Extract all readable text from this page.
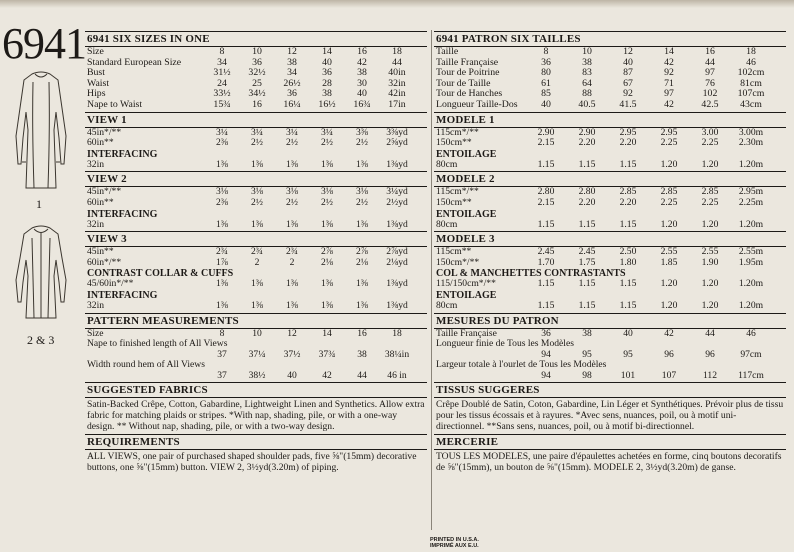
6941
1
2 & 3
6941 SIX SIZES IN ONE
Size	8	10	12	14	16	18
Standard European Size	34	36	38	40	42	44
Bust	31½	32½	34	36	38	40in
Waist	24	25	26½	28	30	32in
Hips	33½	34½	36	38	40	42in
Nape to Waist	15¾	16	16¼	16½	16¾	17in
VIEW 1
45in*/**	3¼	3¼	3¼	3¼	3⅜	3⅜yd
60in**	2⅜	2½	2½	2½	2½	2⅝yd
INTERFACING
32in	1⅜	1⅜	1⅜	1⅜	1⅜	1⅜yd
VIEW 2
45in*/**	3⅛	3⅛	3⅛	3⅛	3⅛	3¼yd
60in**	2⅜	2½	2½	2½	2½	2½yd
INTERFACING
32in	1⅜	1⅜	1⅜	1⅜	1⅜	1⅜yd
VIEW 3
45in**	2¾	2¾	2¾	2⅞	2⅞	2⅞yd
60in*/**	1⅞	2	2	2⅛	2⅛	2⅛yd
CONTRAST COLLAR & CUFFS
45/60in*/**	1⅜	1⅜	1⅜	1⅜	1⅜	1⅜yd
INTERFACING
32in	1⅜	1⅜	1⅜	1⅜	1⅜	1⅜yd
PATTERN MEASUREMENTS
Size	8	10	12	14	16	18
Nape to finished length of All Views
37	37¼	37½	37¾	38	38¼in
Width round hem of All Views
37	38½	40	42	44	46 in
SUGGESTED FABRICS
Satin-Backed Crêpe, Cotton, Gabardine, Lightweight Linen and Synthetics. Allow extra fabric for matching plaids or stripes. *With nap, shading, pile, or with a one-way design. ** Without nap, shading, pile, or with a two-way design.
REQUIREMENTS
ALL VIEWS, one pair of purchased shaped shoulder pads, five ⅝"(15mm) decorative buttons, one ⅝"(15mm) button. VIEW 2, 3½yd(3.20m) of piping.
6941 PATRON SIX TAILLES
Taille	8	10	12	14	16	18
Taille Française	36	38	40	42	44	46
Tour de Poitrine	80	83	87	92	97	102cm
Tour de Taille	61	64	67	71	76	81cm
Tour de Hanches	85	88	92	97	102	107cm
Longueur Taille-Dos	40	40.5	41.5	42	42.5	43cm
MODELE 1
115cm*/**	2.90	2.90	2.95	2.95	3.00	3.00m
150cm**	2.15	2.20	2.20	2.25	2.25	2.30m
ENTOILAGE
80cm	1.15	1.15	1.15	1.20	1.20	1.20m
MODELE 2
115cm*/**	2.80	2.80	2.85	2.85	2.85	2.95m
150cm**	2.15	2.20	2.20	2.25	2.25	2.25m
ENTOILAGE
80cm	1.15	1.15	1.15	1.20	1.20	1.20m
MODELE 3
115cm**	2.45	2.45	2.50	2.55	2.55	2.55m
150cm*/**	1.70	1.75	1.80	1.85	1.90	1.95m
COL & MANCHETTES CONTRASTANTS
115/150cm*/**	1.15	1.15	1.15	1.20	1.20	1.20m
ENTOILAGE
80cm	1.15	1.15	1.15	1.20	1.20	1.20m
MESURES DU PATRON
Taille Française	36	38	40	42	44	46
Longueur finie de Tous les Modèles
94	95	95	96	96	97cm
Largeur totale à l'ourlet de Tous les Modèles
94	98	101	107	112	117cm
TISSUS SUGGERES
Crêpe Doublé de Satin, Coton, Gabardine, Lin Léger et Synthétiques. Prévoir plus de tissu pour les tissus écossais et à rayures. *Avec sens, nuances, poil, ou à motif uni-directionnel. **Sans sens, nuances, poil, ou à motif bi-directionnel.
MERCERIE
TOUS LES MODELES, une paire d'épaulettes achetées en forme, cinq boutons decoratifs de ⅝"(15mm), un bouton de ⅝"(15mm). MODELE 2, 3½yd(3.20m) de ganse.
PRINTED IN U.S.A.
IMPRIMÉ AUX E.U.
